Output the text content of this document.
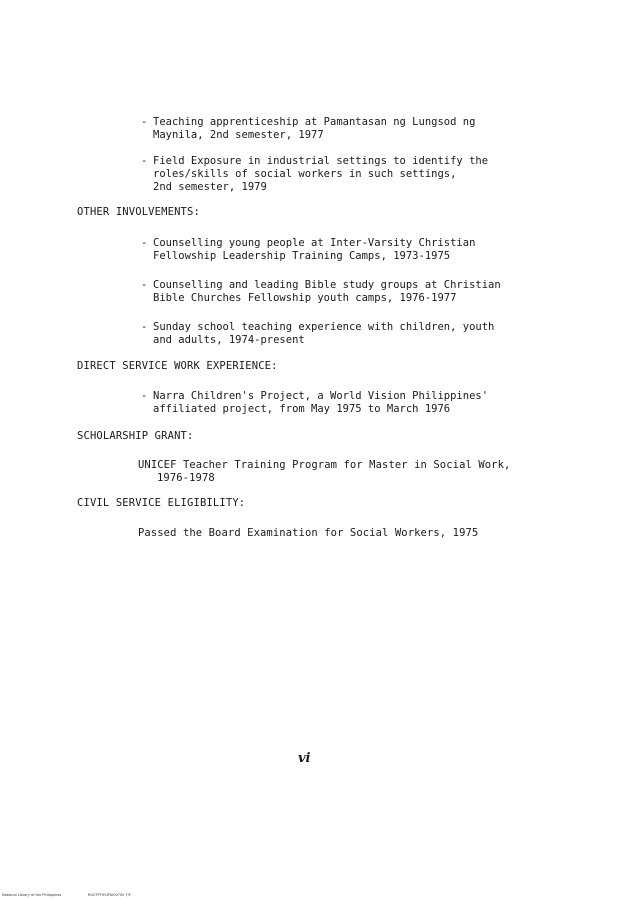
- Teaching apprenticeship at Pamantasan ng Lungsod ng
Maynila, 2nd semester, 1977
- Field Exposure in industrial settings to identify the
roles/skills of social workers in such settings,
2nd semester, 1979
OTHER INVOLVEMENTS:
- Counselling young people at Inter-Varsity Christian
Fellowship Leadership Training Camps, 1973-1975
- Counselling and leading Bible study groups at Christian
Bible Churches Fellowship youth camps, 1976-1977
- Sunday school teaching experience with children, youth
and adults, 1974-present
DIRECT SERVICE WORK EXPERIENCE:
- Narra Children's Project, a World Vision Philippines'
affiliated project, from May 1975 to March 1976
SCHOLARSHIP GRANT:
UNICEF Teacher Training Program for Master in Social Work,
1976-1978
CIVIL SERVICE ELIGIBILITY:
Passed the Board Examination for Social Workers, 1975
vi
National Library of the Philippines	RSOTPTHSIPXI00700 T/F
